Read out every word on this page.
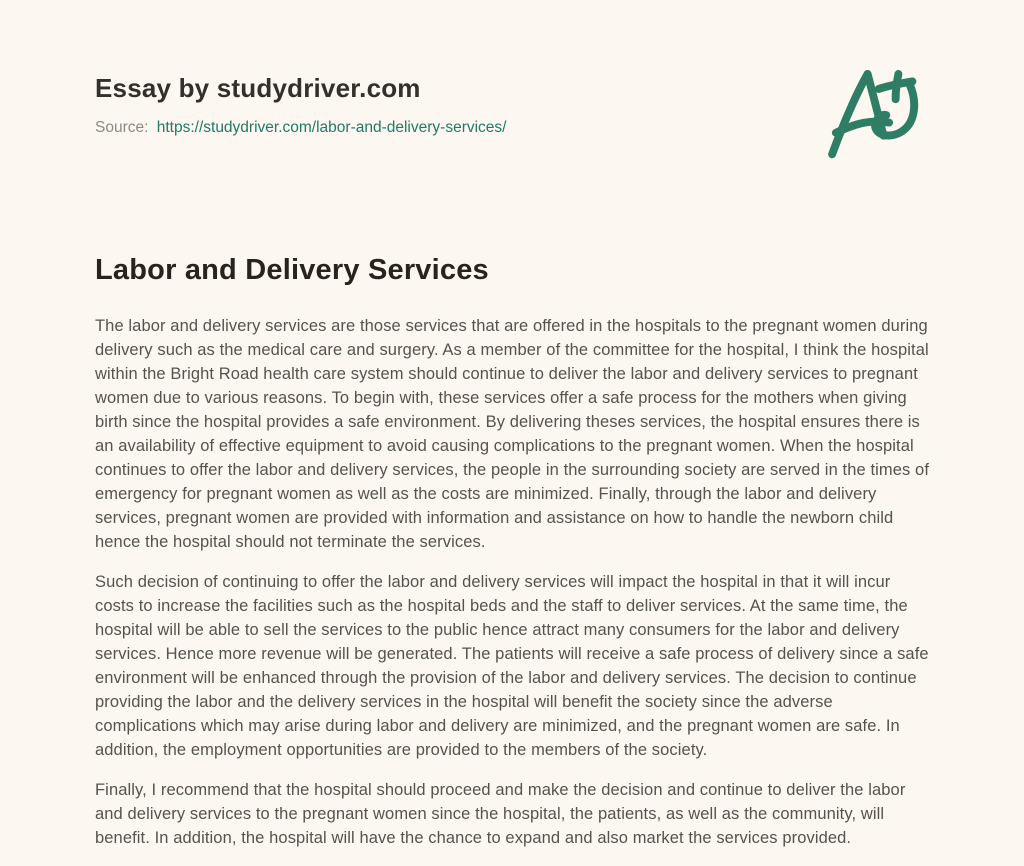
Essay by studydriver.com
Source: https://studydriver.com/labor-and-delivery-services/
Labor and Delivery Services

The labor and delivery services are those services that are offered in the hospitals to the pregnant women during delivery such as the medical care and surgery. As a member of the committee for the hospital, I think the hospital within the Bright Road health care system should continue to deliver the labor and delivery services to pregnant women due to various reasons. To begin with, these services offer a safe process for the mothers when giving birth since the hospital provides a safe environment. By delivering theses services, the hospital ensures there is an availability of effective equipment to avoid causing complications to the pregnant women. When the hospital continues to offer the labor and delivery services, the people in the surrounding society are served in the times of emergency for pregnant women as well as the costs are minimized. Finally, through the labor and delivery services, pregnant women are provided with information and assistance on how to handle the newborn child hence the hospital should not terminate the services.

Such decision of continuing to offer the labor and delivery services will impact the hospital in that it will incur costs to increase the facilities such as the hospital beds and the staff to deliver services. At the same time, the hospital will be able to sell the services to the public hence attract many consumers for the labor and delivery services. Hence more revenue will be generated. The patients will receive a safe process of delivery since a safe environment will be enhanced through the provision of the labor and delivery services. The decision to continue providing the labor and the delivery services in the hospital will benefit the society since the adverse complications which may arise during labor and delivery are minimized, and the pregnant women are safe. In addition, the employment opportunities are provided to the members of the society.

Finally, I recommend that the hospital should proceed and make the decision and continue to deliver the labor and delivery services to the pregnant women since the hospital, the patients, as well as the community, will benefit. In addition, the hospital will have the chance to expand and also market the services provided.
